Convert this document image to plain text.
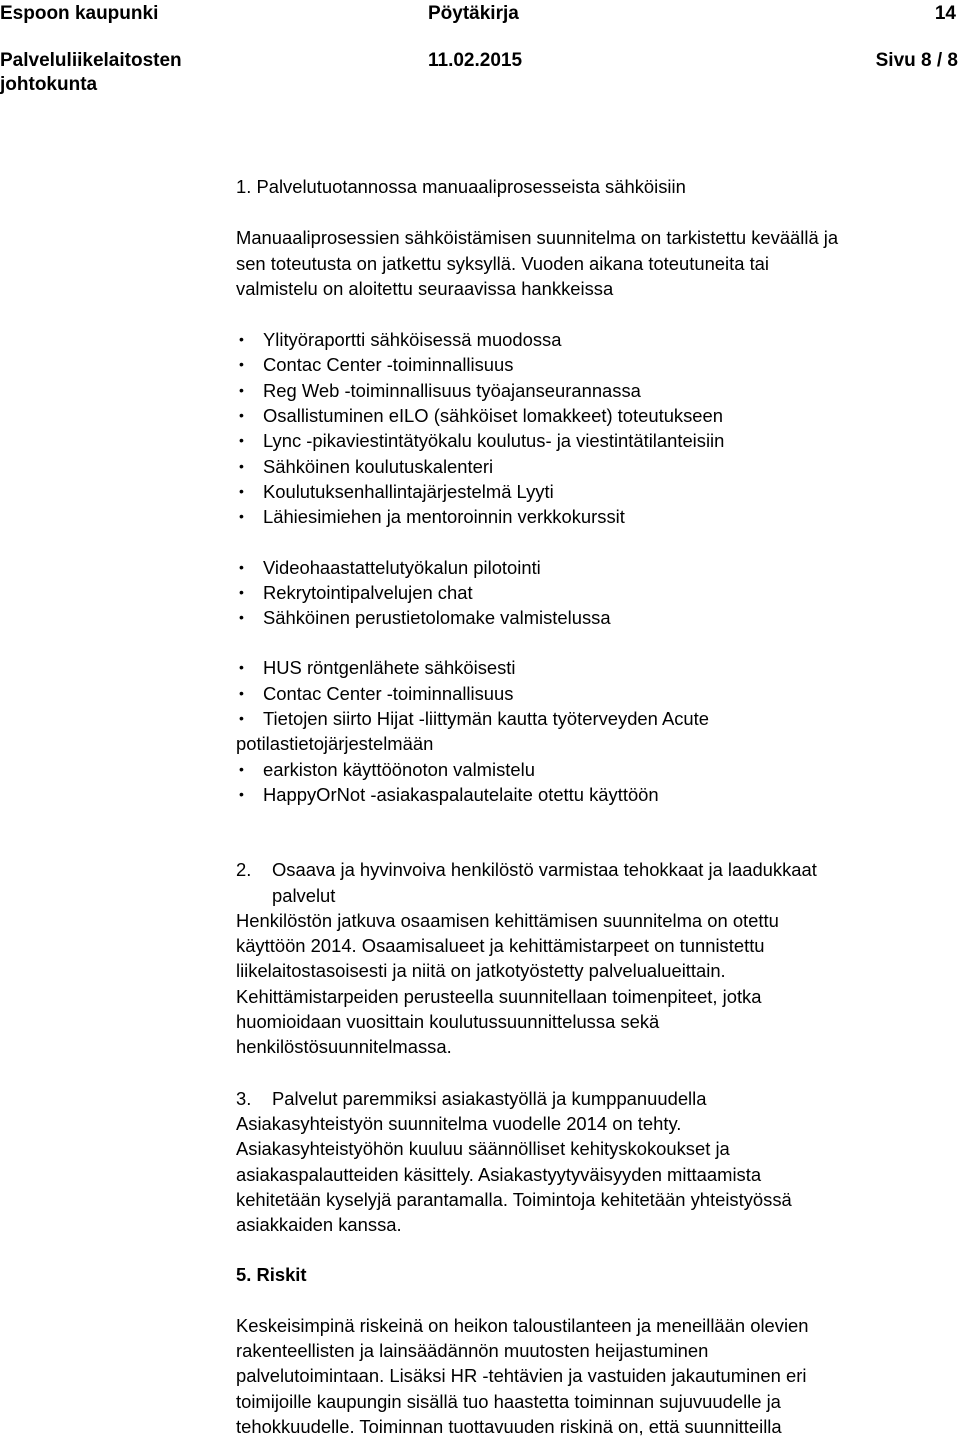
Espoon kaupunki	Pöytäkirja	14
Palveluliikelaitosten
johtokunta
11.02.2015	Sivu 8 / 8

1. Palvelutuotannossa manuaaliprosesseista sähköisiin

Manuaaliprosessien sähköistämisen suunnitelma on tarkistettu keväällä ja

sen toteutusta on jatkettu syksyllä. Vuoden aikana toteutuneita tai

valmistelu on aloitettu seuraavissa hankkeissa

• Ylityöraportti sähköisessä muodossa
• Contac Center -toiminnallisuus
• Reg Web -toiminnallisuus työajanseurannassa
• Osallistuminen eILO (sähköiset lomakkeet) toteutukseen
• Lync -pikaviestintätyökalu koulutus- ja viestintätilanteisiin
• Sähköinen koulutuskalenteri
• Koulutuksenhallintajärjestelmä Lyyti
• Lähiesimiehen ja mentoroinnin verkkokurssit
• Videohaastattelutyökalun pilotointi
• Rekrytointipalvelujen chat
• Sähköinen perustietolomake valmistelussa
• HUS röntgenlähete sähköisesti
• Contac Center -toiminnallisuus
• Tietojen siirto Hijat -liittymän kautta työterveyden Acute

potilastietojärjestelmään

• earkiston käyttöönoton valmistelu
• HappyOrNot -asiakaspalautelaite otettu käyttöön
2. Osaava ja hyvinvoiva henkilöstö varmistaa tehokkaat ja laadukkaat

palvelut

Henkilöstön jatkuva osaamisen kehittämisen suunnitelma on otettu

käyttöön 2014. Osaamisalueet ja kehittämistarpeet on tunnistettu

liikelaitostasoisesti ja niitä on jatkotyöstetty palvelualueittain.

Kehittämistarpeiden perusteella suunnitellaan toimenpiteet, jotka

huomioidaan vuosittain koulutussuunnittelussa sekä

henkilöstösuunnitelmassa.

3. Palvelut paremmiksi asiakastyöllä ja kumppanuudella

Asiakasyhteistyön suunnitelma vuodelle 2014 on tehty.

Asiakasyhteistyöhön kuuluu säännölliset kehityskokoukset ja

asiakaspalautteiden käsittely. Asiakastyytyväisyyden mittaamista

kehitetään kyselyjä parantamalla. Toimintoja kehitetään yhteistyössä

asiakkaiden kanssa.

5. Riskit

Keskeisimpinä riskeinä on heikon taloustilanteen ja meneillään olevien

rakenteellisten ja lainsäädännön muutosten heijastuminen

palvelutoimintaan. Lisäksi HR -tehtävien ja vastuiden jakautuminen eri

toimijoille kaupungin sisällä tuo haastetta toiminnan sujuvuudelle ja

tehokkuudelle. Toiminnan tuottavuuden riskinä on, että suunnitteilla
